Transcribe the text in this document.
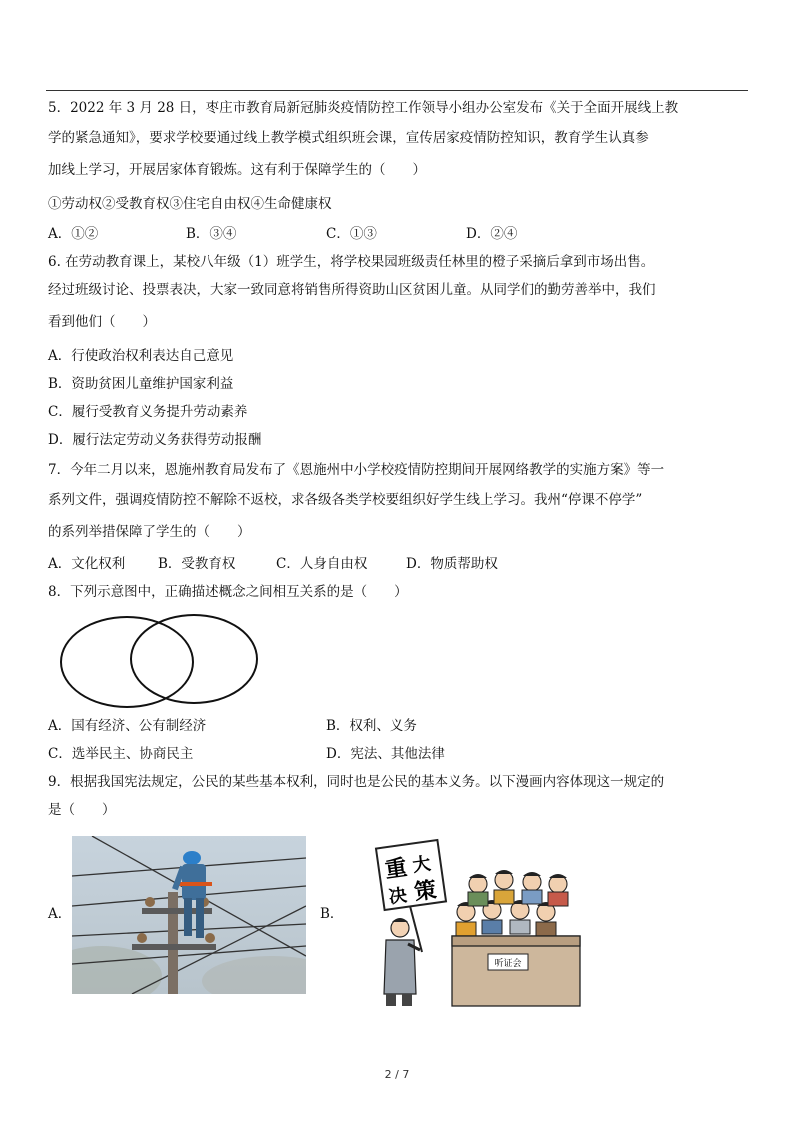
5．2022 年 3 月 28 日，枣庄市教育局新冠肺炎疫情防控工作领导小组办公室发布《关于全面开展线上教
学的紧急通知》，要求学校要通过线上教学模式组织班会课，宣传居家疫情防控知识，教育学生认真参
加线上学习，开展居家体育锻炼。这有利于保障学生的（　　）
①劳动权②受教育权③住宅自由权④生命健康权
A．①②	B．③④	C．①③	D．②④
6. 在劳动教育课上，某校八年级（1）班学生，将学校果园班级责任林里的橙子采摘后拿到市场出售。
经过班级讨论、投票表决，大家一致同意将销售所得资助山区贫困儿童。从同学们的勤劳善举中，我们
看到他们（　　）
A．行使政治权利表达自己意见
B．资助贫困儿童维护国家利益
C．履行受教育义务提升劳动素养
D．履行法定劳动义务获得劳动报酬
7．今年二月以来，恩施州教育局发布了《恩施州中小学校疫情防控期间开展网络教学的实施方案》等一
系列文件，强调疫情防控不解除不返校，求各级各类学校要组织好学生线上学习。我州“停课不停学”
的系列举措保障了学生的（　　）
A．文化权利	B．受教育权	C．人身自由权	D．物质帮助权
8．下列示意图中，正确描述概念之间相互关系的是（　　）
A．国有经济、公有制经济	B．权利、义务
C．选举民主、协商民主	D．宪法、其他法律
9．根据我国宪法规定，公民的某些基本权利，同时也是公民的基本义务。以下漫画内容体现这一规定的
是（　　）
A．	B．
重 大
决 策
听证会
2 / 7
